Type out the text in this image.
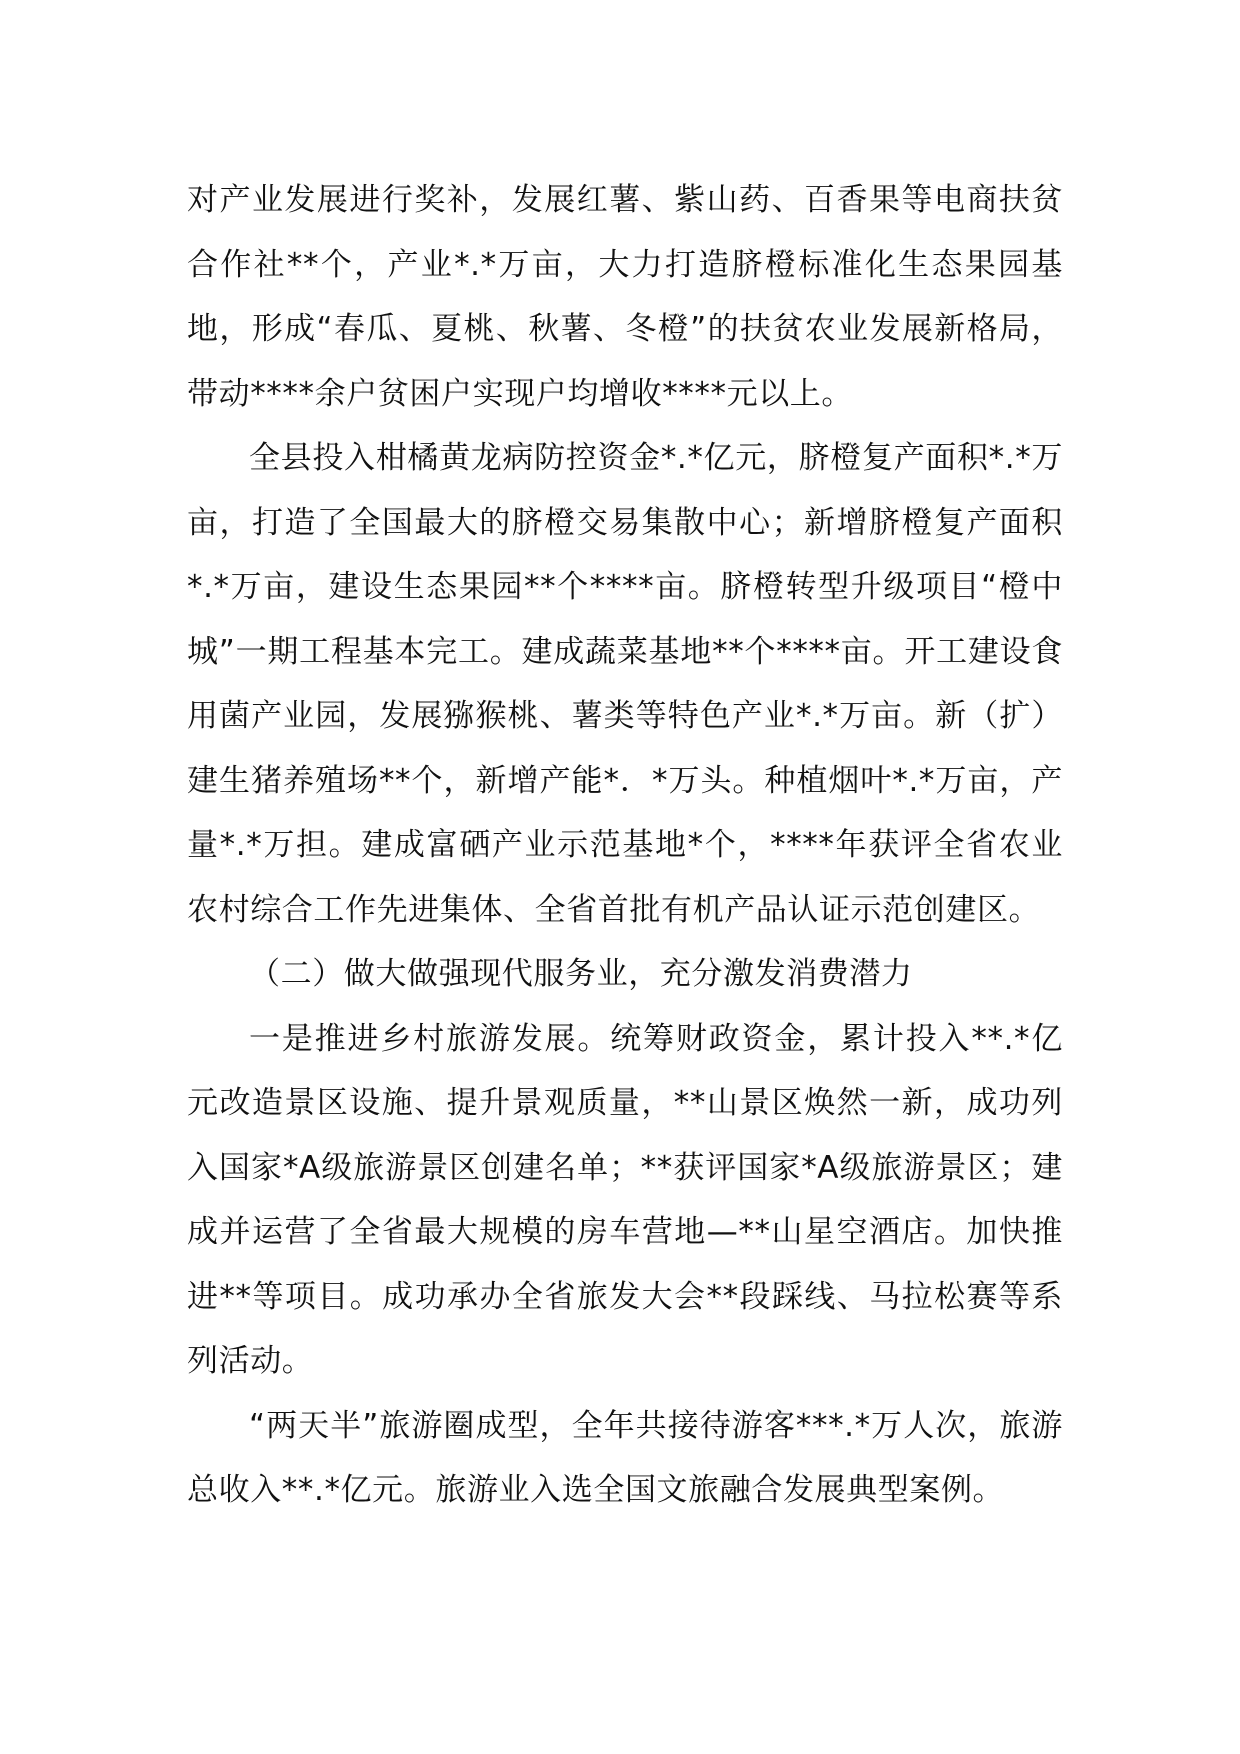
对产业发展进行奖补，发展红薯、紫山药、百香果等电商扶贫合作社**个，产业*.*万亩，大力打造脐橙标准化生态果园基地，形成“春瓜、夏桃、秋薯、冬橙”的扶贫农业发展新格局，带动****余户贫困户实现户均增收****元以上。

全县投入柑橘黄龙病防控资金*.*亿元，脐橙复产面积*.*万亩，打造了全国最大的脐橙交易集散中心；新增脐橙复产面积*.*万亩，建设生态果园**个****亩。脐橙转型升级项目“橙中城”一期工程基本完工。建成蔬菜基地**个****亩。开工建设食用菌产业园，发展猕猴桃、薯类等特色产业*.*万亩。新（扩）建生猪养殖场**个，新增产能*．*万头。种植烟叶*.*万亩，产量*.*万担。建成富硒产业示范基地*个，****年获评全省农业农村综合工作先进集体、全省首批有机产品认证示范创建区。

（二）做大做强现代服务业，充分激发消费潜力

一是推进乡村旅游发展。统筹财政资金，累计投入**.*亿元改造景区设施、提升景观质量，**山景区焕然一新，成功列入国家*A级旅游景区创建名单；**获评国家*A级旅游景区；建成并运营了全省最大规模的房车营地—**山星空酒店。加快推进**等项目。成功承办全省旅发大会**段踩线、马拉松赛等系列活动。

“两天半”旅游圈成型，全年共接待游客***.*万人次，旅游总收入**.*亿元。旅游业入选全国文旅融合发展典型案例。
